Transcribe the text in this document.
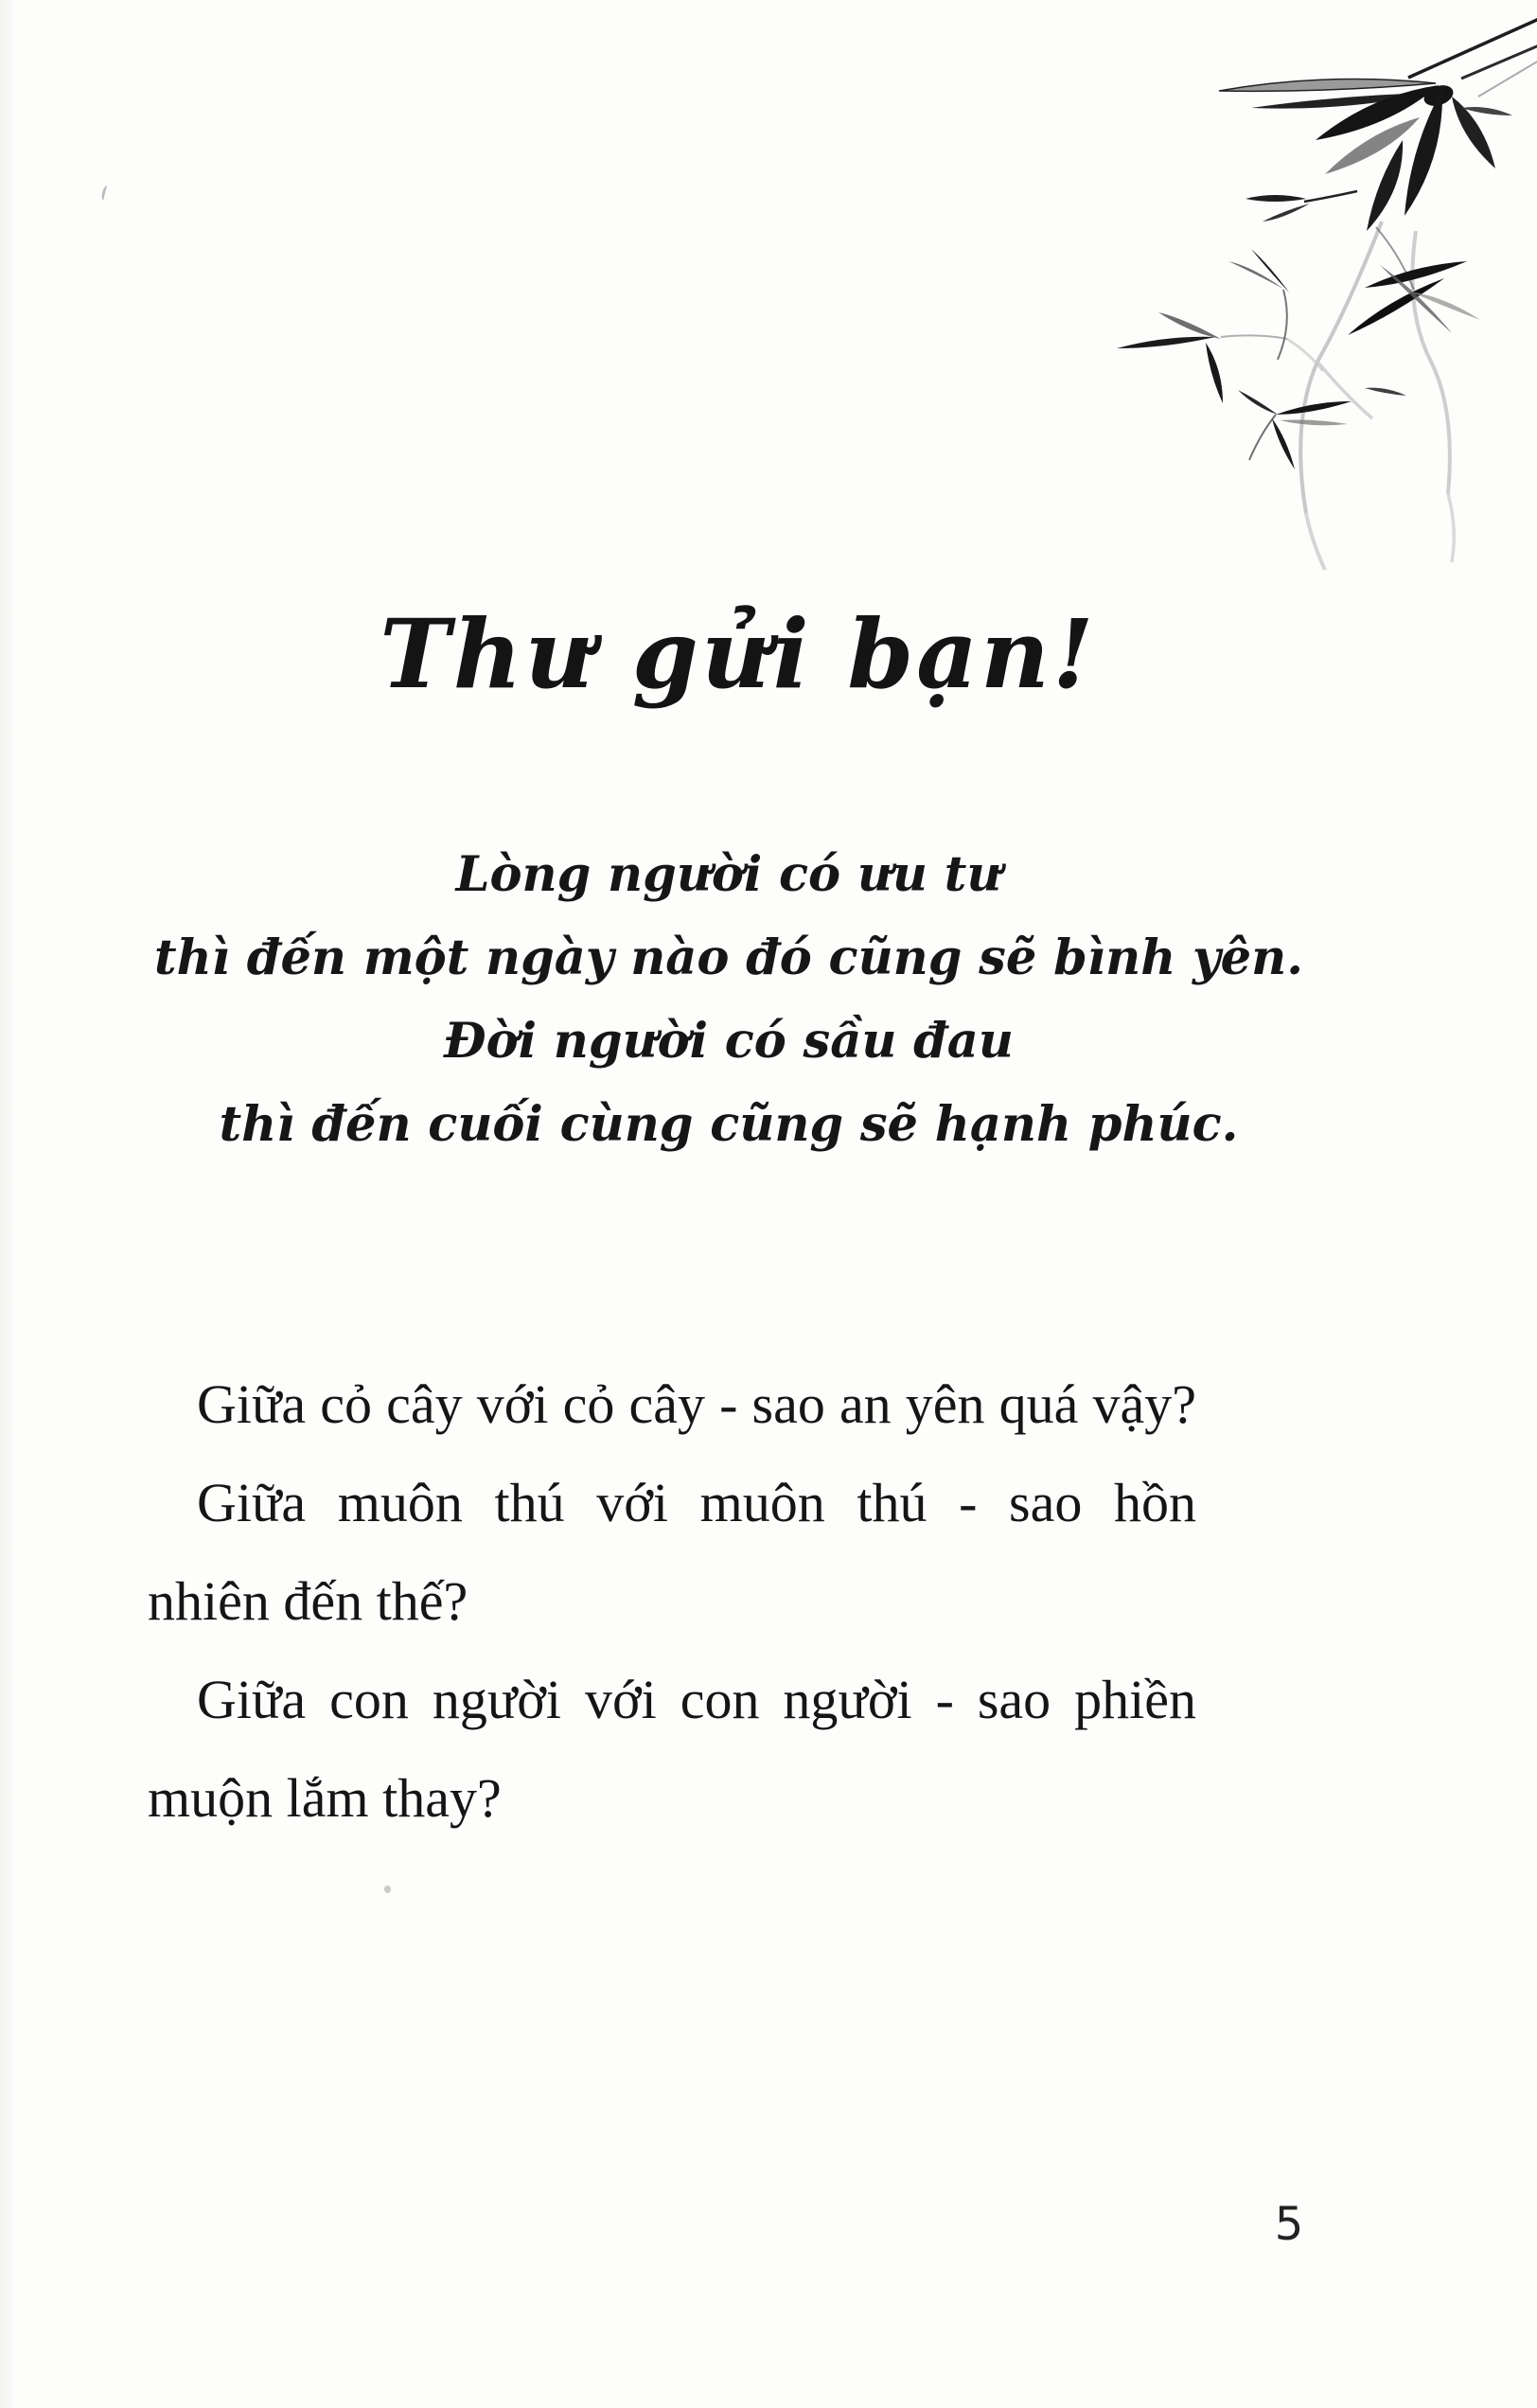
Thư gửi bạn!
Lòng người có ưu tư
thì đến một ngày nào đó cũng sẽ bình yên.
Đời người có sầu đau
thì đến cuối cùng cũng sẽ hạnh phúc.
Giữa cỏ cây với cỏ cây - sao an yên quá vậy?
Giữa muôn thú với muôn thú - sao hồn
nhiên đến thế?
Giữa con người với con người - sao phiền
muộn lắm thay?
5
